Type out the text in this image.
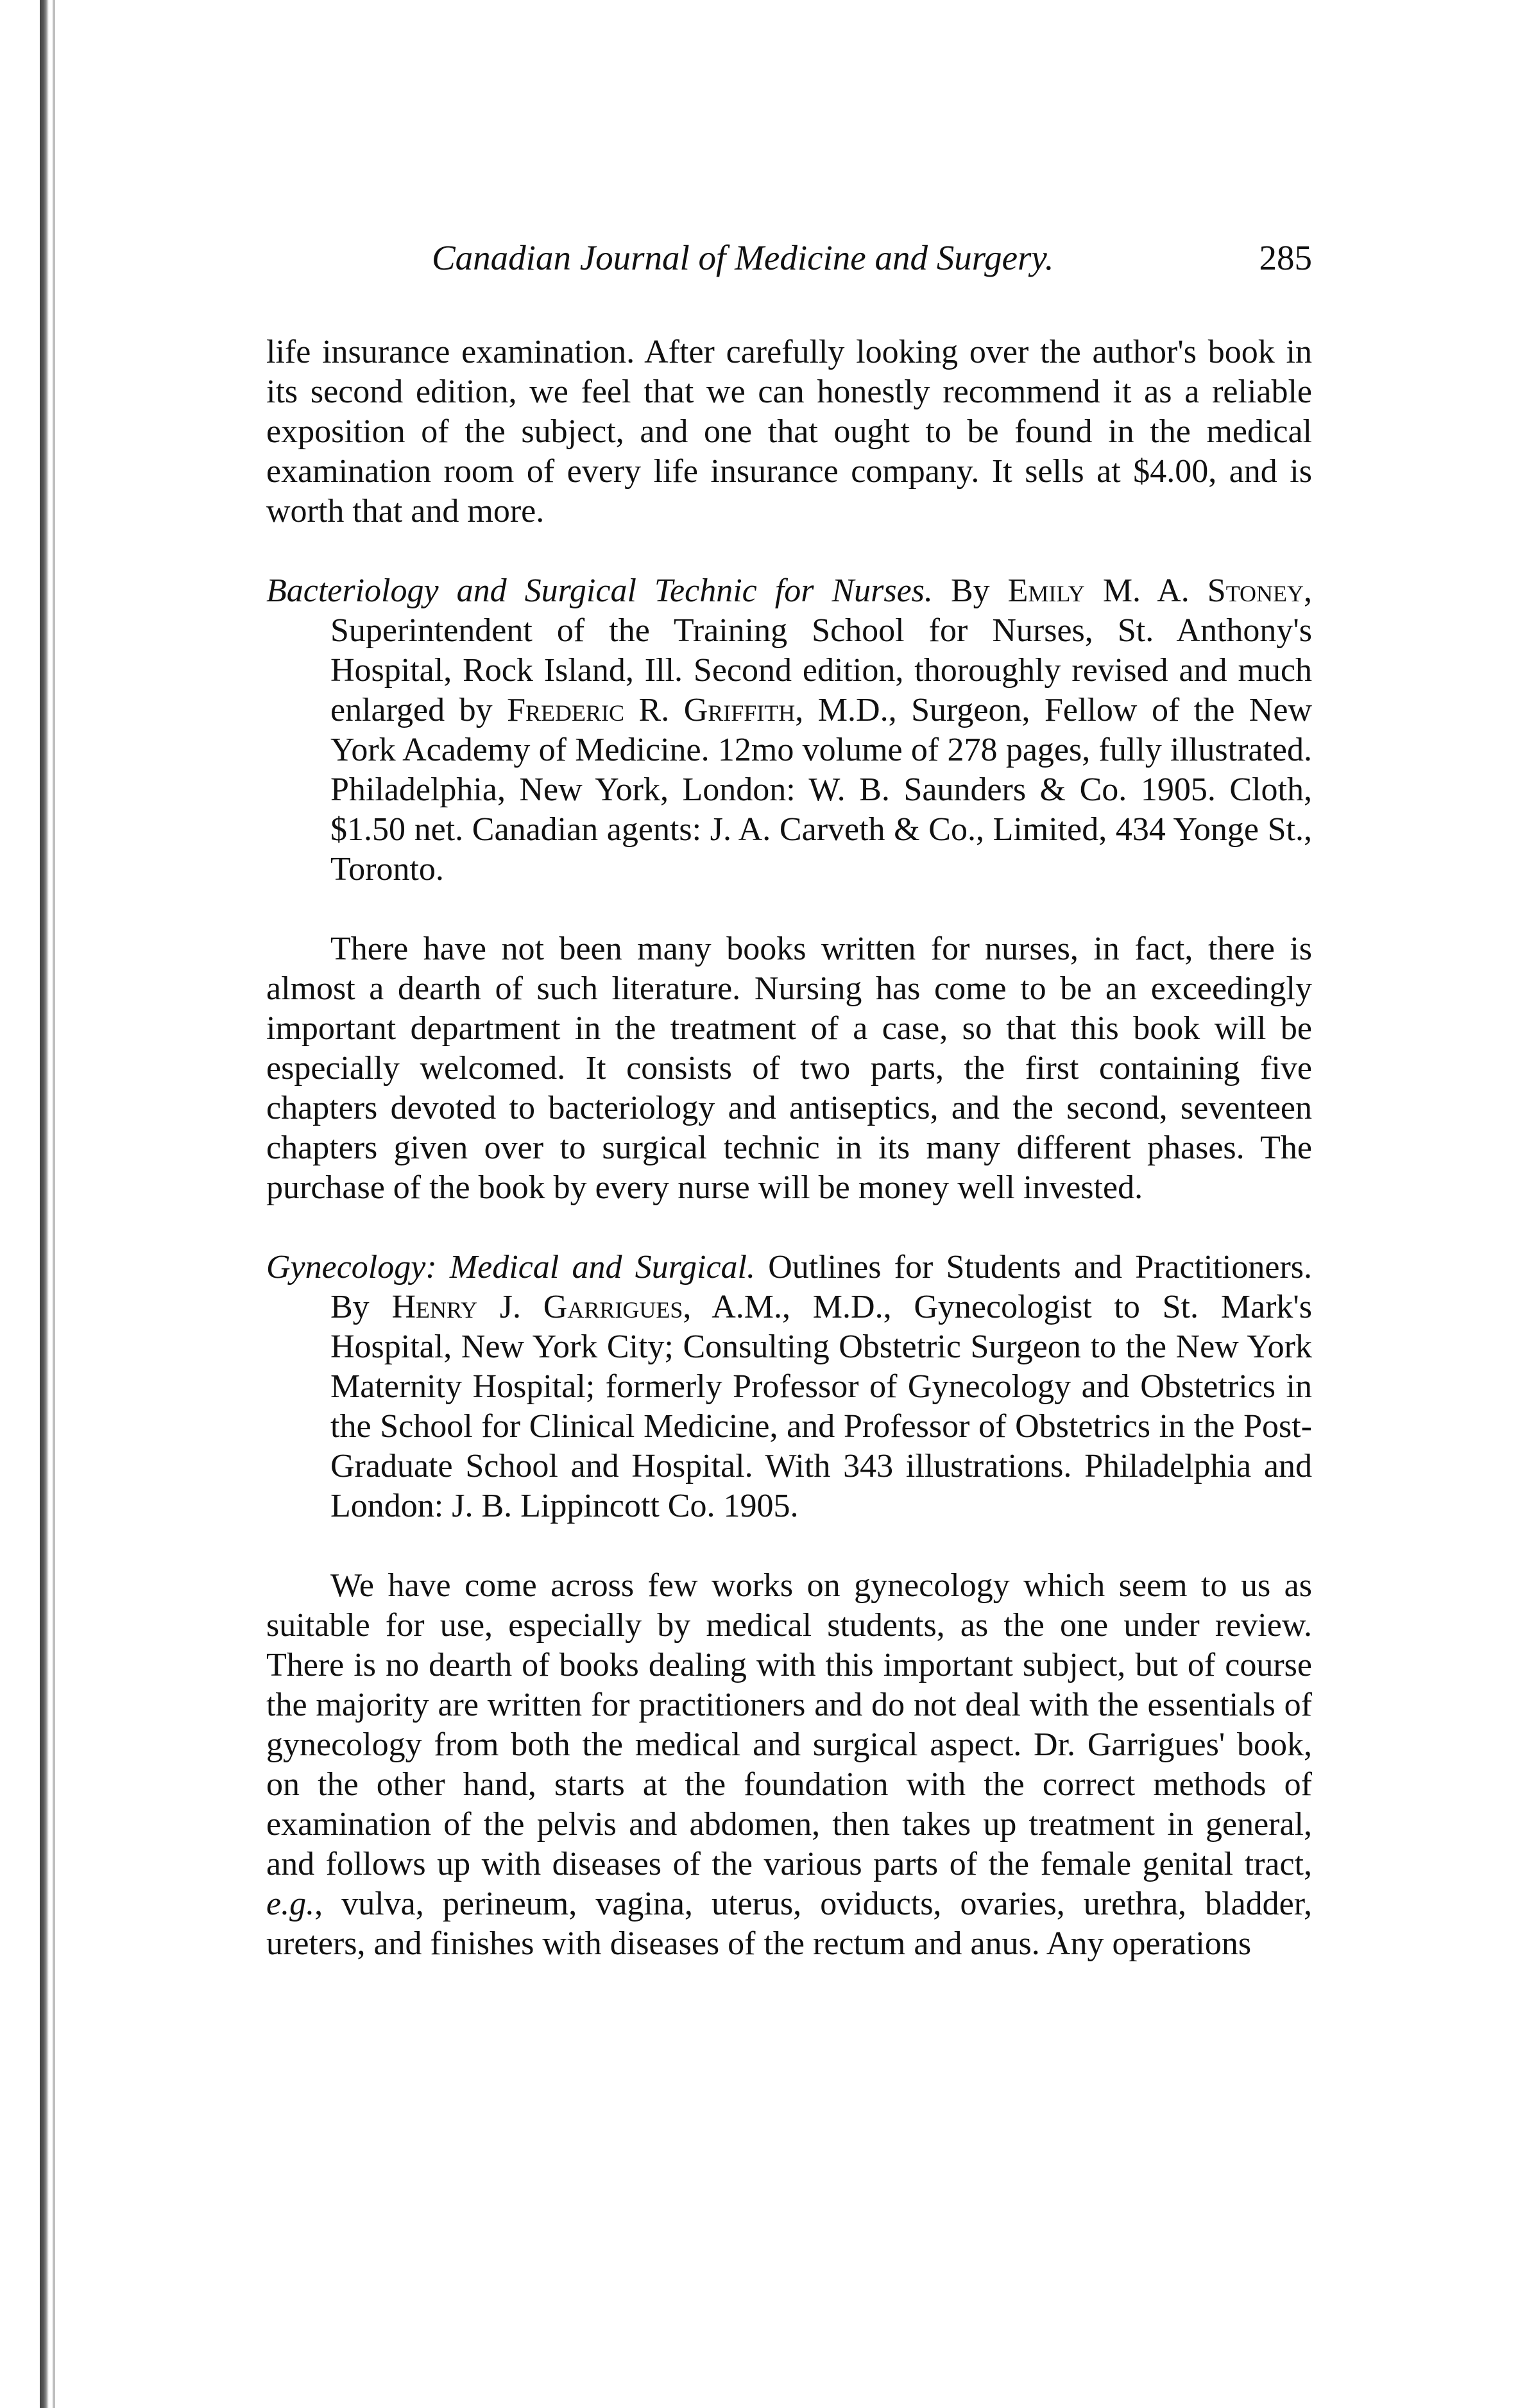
Canadian Journal of Medicine and Surgery.	285

life insurance examination. After carefully looking over the author's book in its second edition, we feel that we can honestly recommend it as a reliable exposition of the subject, and one that ought to be found in the medical examination room of every life insurance company. It sells at $4.00, and is worth that and more.

Bacteriology and Surgical Technic for Nurses. By Emily M. A. Stoney, Superintendent of the Training School for Nurses, St. Anthony's Hospital, Rock Island, Ill. Second edition, thoroughly revised and much enlarged by Frederic R. Griffith, M.D., Surgeon, Fellow of the New York Academy of Medicine. 12mo volume of 278 pages, fully illustrated. Philadelphia, New York, London: W. B. Saunders & Co. 1905. Cloth, $1.50 net. Canadian agents: J. A. Carveth & Co., Limited, 434 Yonge St., Toronto.

There have not been many books written for nurses, in fact, there is almost a dearth of such literature. Nursing has come to be an exceedingly important department in the treatment of a case, so that this book will be especially welcomed. It consists of two parts, the first containing five chapters devoted to bacteriology and antiseptics, and the second, seventeen chapters given over to surgical technic in its many different phases. The purchase of the book by every nurse will be money well invested.

Gynecology: Medical and Surgical. Outlines for Students and Practitioners. By Henry J. Garrigues, A.M., M.D., Gynecologist to St. Mark's Hospital, New York City; Consulting Obstetric Surgeon to the New York Maternity Hospital; formerly Professor of Gynecology and Obstetrics in the School for Clinical Medicine, and Professor of Obstetrics in the Post-Graduate School and Hospital. With 343 illustrations. Philadelphia and London: J. B. Lippincott Co. 1905.

We have come across few works on gynecology which seem to us as suitable for use, especially by medical students, as the one under review. There is no dearth of books dealing with this important subject, but of course the majority are written for practitioners and do not deal with the essentials of gynecology from both the medical and surgical aspect. Dr. Garrigues' book, on the other hand, starts at the foundation with the correct methods of examination of the pelvis and abdomen, then takes up treatment in general, and follows up with diseases of the various parts of the female genital tract, e.g., vulva, perineum, vagina, uterus, oviducts, ovaries, urethra, bladder, ureters, and finishes with diseases of the rectum and anus. Any operations
